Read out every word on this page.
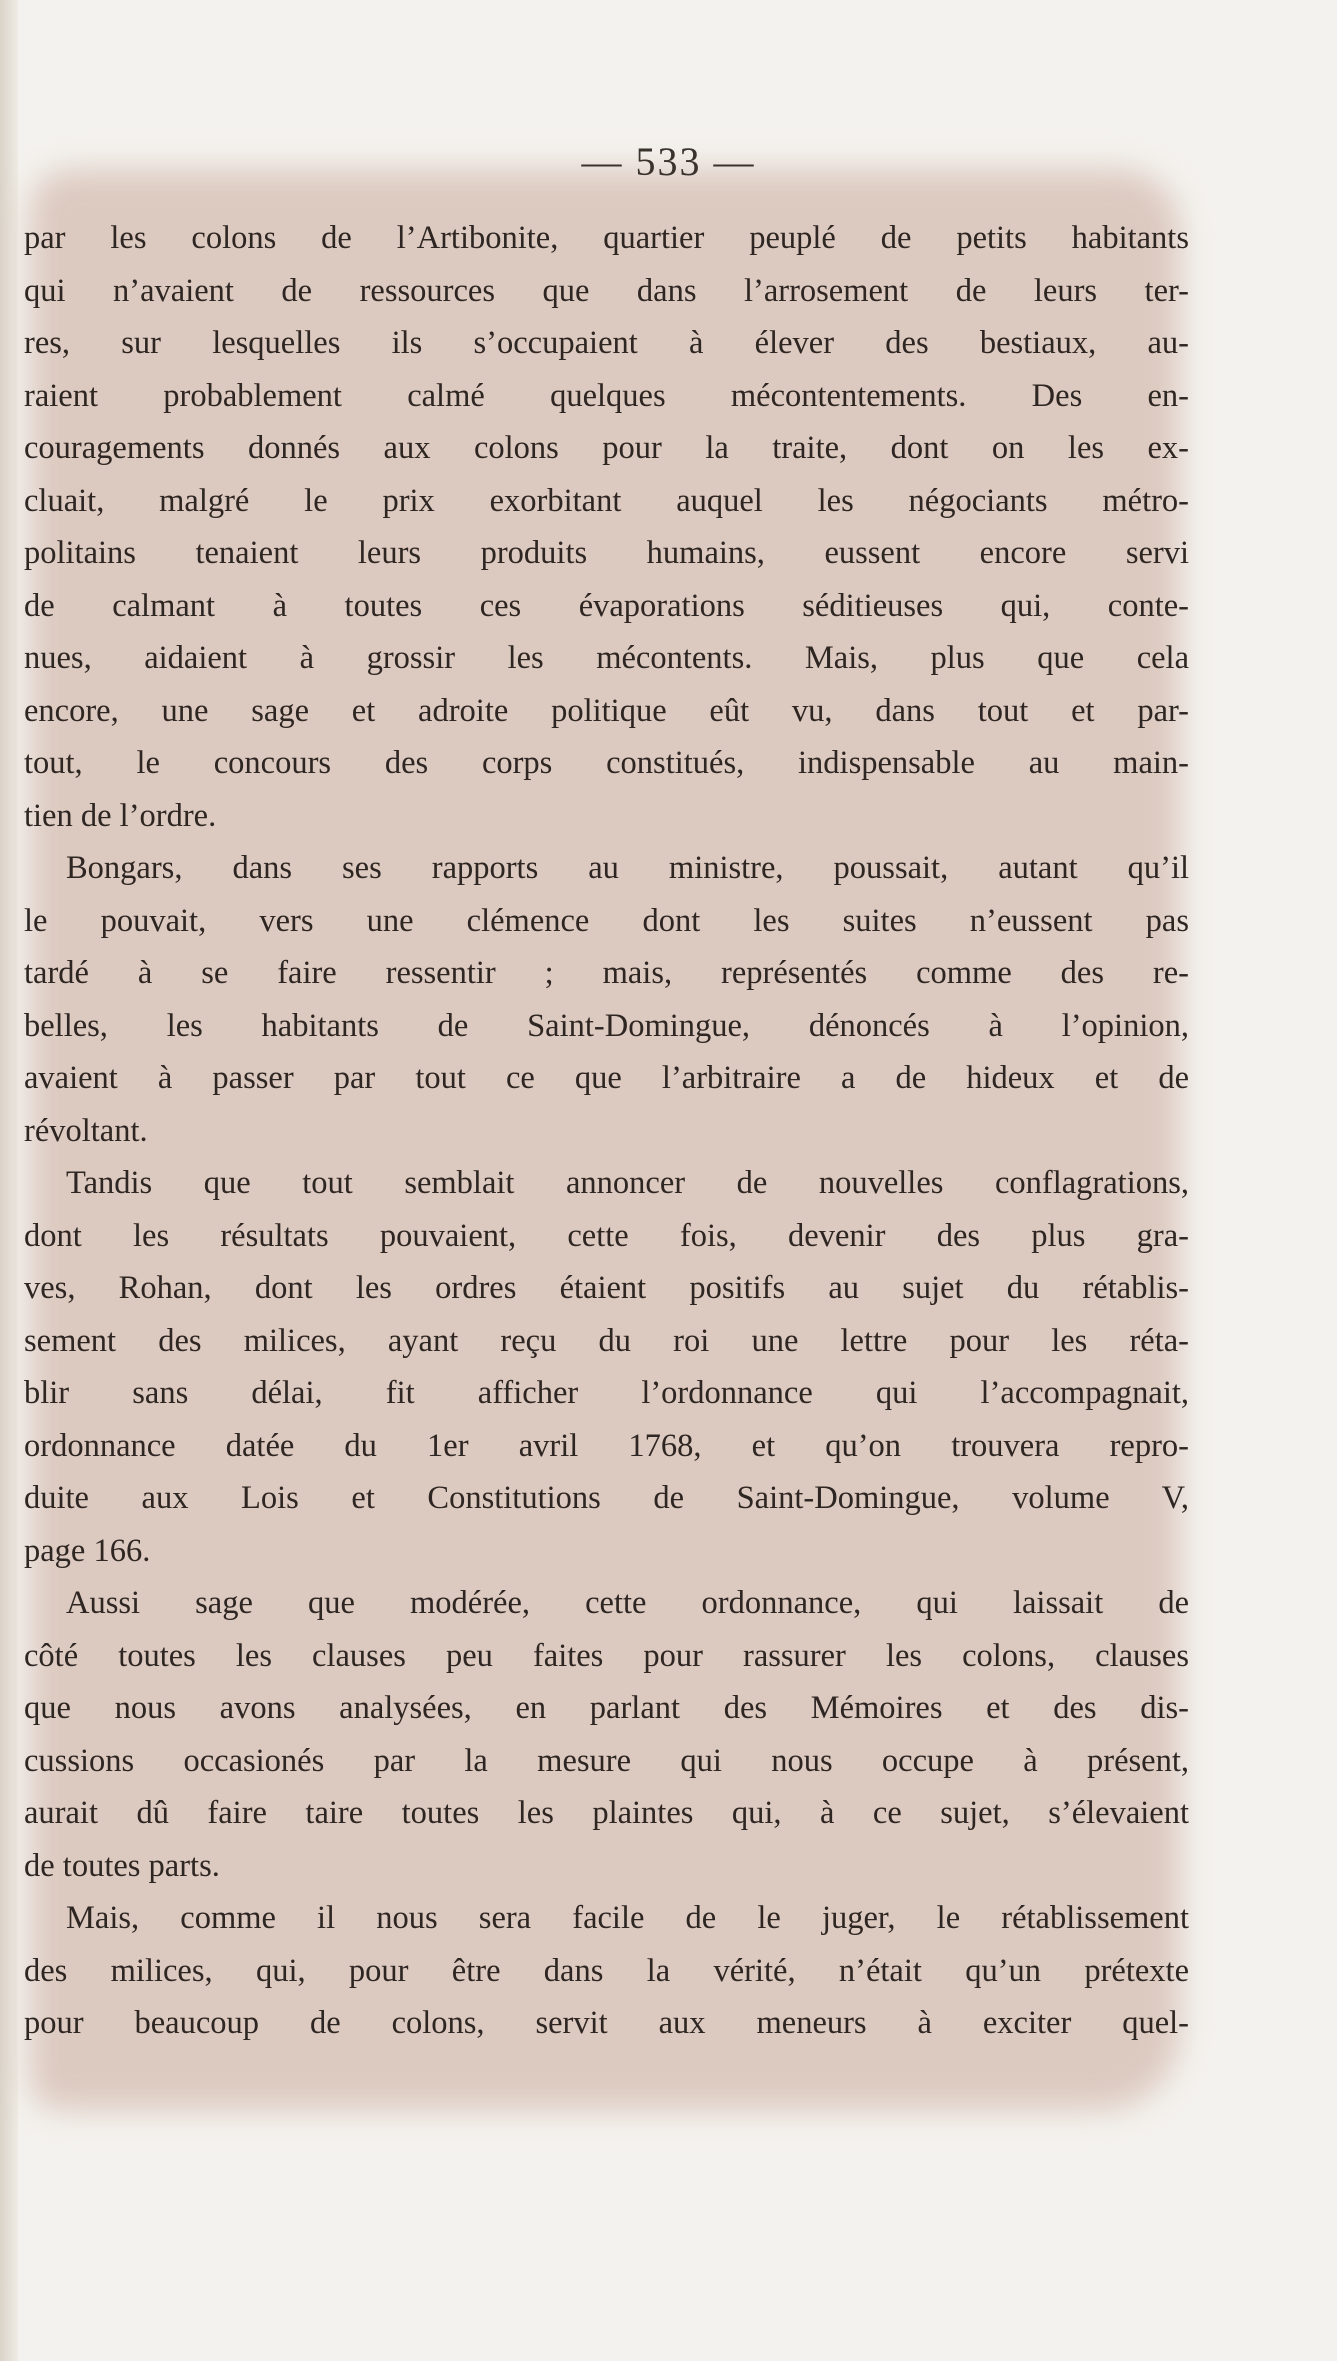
— 533 —

par les colons de l’Artibonite, quartier peuplé de petits habitants
qui n’avaient de ressources que dans l’arrosement de leurs ter-
res, sur lesquelles ils s’occupaient à élever des bestiaux, au-
raient probablement calmé quelques mécontentements. Des en-
couragements donnés aux colons pour la traite, dont on les ex-
cluait, malgré le prix exorbitant auquel les négociants métro-
politains tenaient leurs produits humains, eussent encore servi
de calmant à toutes ces évaporations séditieuses qui, conte-
nues, aidaient à grossir les mécontents. Mais, plus que cela
encore, une sage et adroite politique eût vu, dans tout et par-
tout, le concours des corps constitués, indispensable au main-
tien de l’ordre.

Bongars, dans ses rapports au ministre, poussait, autant qu’il
le pouvait, vers une clémence dont les suites n’eussent pas
tardé à se faire ressentir ; mais, représentés comme des re-
belles, les habitants de Saint-Domingue, dénoncés à l’opinion,
avaient à passer par tout ce que l’arbitraire a de hideux et de
révoltant.

Tandis que tout semblait annoncer de nouvelles conflagrations,
dont les résultats pouvaient, cette fois, devenir des plus gra-
ves, Rohan, dont les ordres étaient positifs au sujet du rétablis-
sement des milices, ayant reçu du roi une lettre pour les réta-
blir sans délai, fit afficher l’ordonnance qui l’accompagnait,
ordonnance datée du 1er avril 1768, et qu’on trouvera repro-
duite aux Lois et Constitutions de Saint-Domingue, volume V,
page 166.

Aussi sage que modérée, cette ordonnance, qui laissait de
côté toutes les clauses peu faites pour rassurer les colons, clauses
que nous avons analysées, en parlant des Mémoires et des dis-
cussions occasionés par la mesure qui nous occupe à présent,
aurait dû faire taire toutes les plaintes qui, à ce sujet, s’élevaient
de toutes parts.

Mais, comme il nous sera facile de le juger, le rétablissement
des milices, qui, pour être dans la vérité, n’était qu’un prétexte
pour beaucoup de colons, servit aux meneurs à exciter quel-
